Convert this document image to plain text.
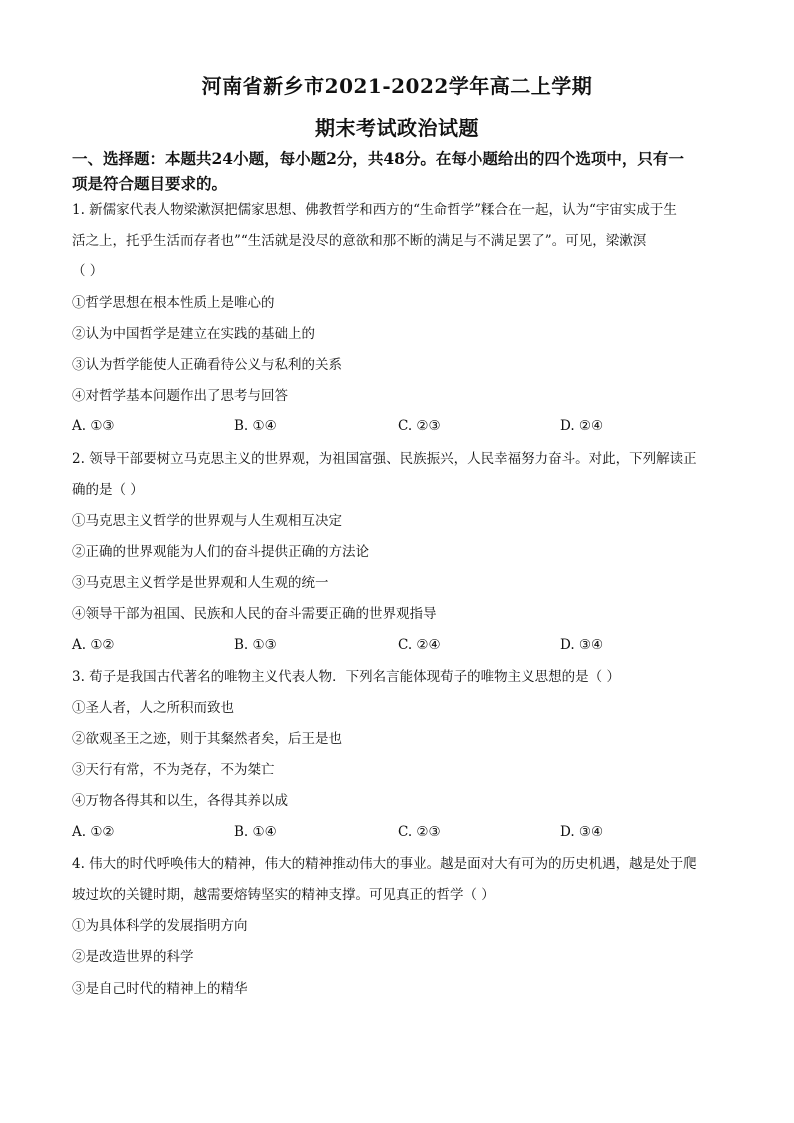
河南省新乡市2021-2022学年高二上学期
期末考试政治试题
一、选择题：本题共24小题，每小题2分，共48分。在每小题给出的四个选项中，只有一
项是符合题目要求的。
1. 新儒家代表人物梁漱溟把儒家思想、佛教哲学和西方的“生命哲学”糅合在一起，认为“宇宙实成于生
活之上，托乎生活而存者也”“生活就是没尽的意欲和那不断的满足与不满足罢了”。可见，梁漱溟
（ ）
①哲学思想在根本性质上是唯心的
②认为中国哲学是建立在实践的基础上的
③认为哲学能使人正确看待公义与私利的关系
④对哲学基本问题作出了思考与回答
A. ①③	B. ①④	C. ②③	D. ②④
2. 领导干部要树立马克思主义的世界观，为祖国富强、民族振兴，人民幸福努力奋斗。对此，下列解读正
确的是（ ）
①马克思主义哲学的世界观与人生观相互决定
②正确的世界观能为人们的奋斗提供正确的方法论
③马克思主义哲学是世界观和人生观的统一
④领导干部为祖国、民族和人民的奋斗需要正确的世界观指导
A. ①②	B. ①③	C. ②④	D. ③④
3. 荀子是我国古代著名的唯物主义代表人物．下列名言能体现荀子的唯物主义思想的是（ ）
①圣人者，人之所积而致也
②欲观圣王之迹，则于其粲然者矣，后王是也
③天行有常，不为尧存，不为桀亡
④万物各得其和以生，各得其养以成
A. ①②	B. ①④	C. ②③	D. ③④
4. 伟大的时代呼唤伟大的精神，伟大的精神推动伟大的事业。越是面对大有可为的历史机遇，越是处于爬
坡过坎的关键时期，越需要熔铸坚实的精神支撑。可见真正的哲学（ ）
①为具体科学的发展指明方向
②是改造世界的科学
③是自己时代的精神上的精华
